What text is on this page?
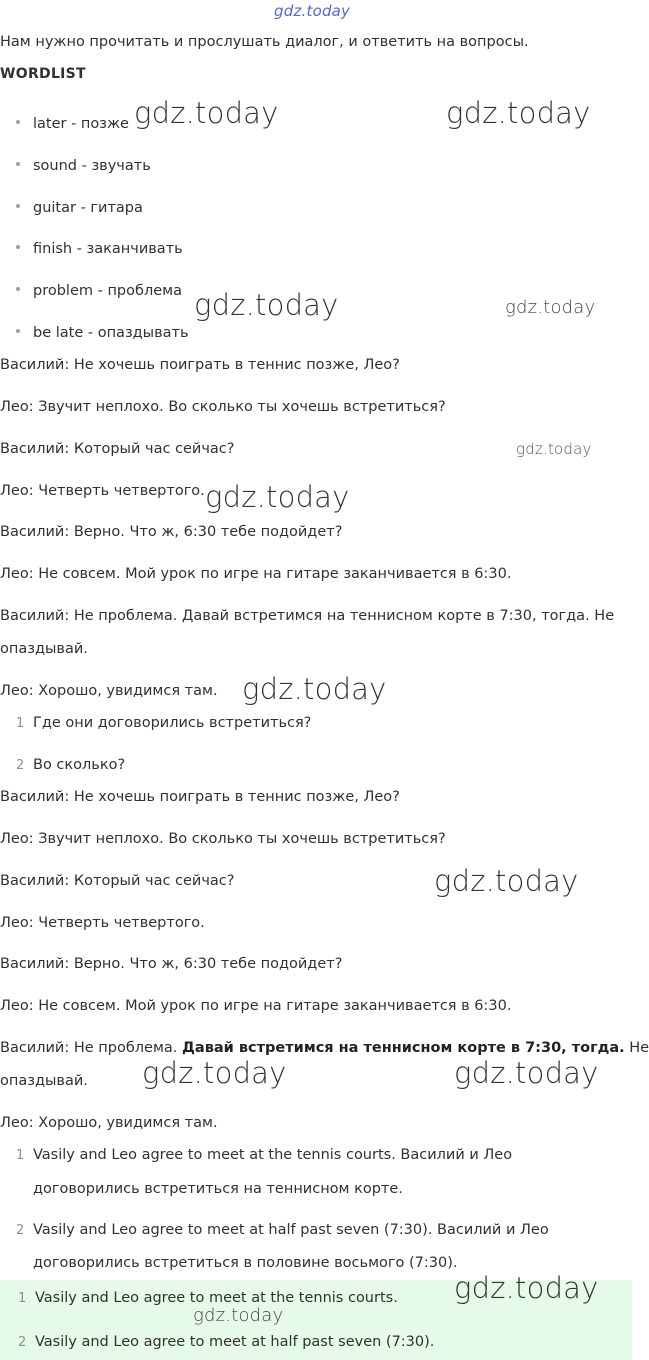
gdz.today
gdz.today	gdz.today
gdz.today	gdz.today
gdz.today
gdz.today
gdz.today
gdz.today
gdz.today	gdz.today
gdz.today
gdz.today
Нам нужно прочитать и прослушать диалог, и ответить на вопросы.
WORDLIST
later - позже
sound - звучать
guitar - гитара
finish - заканчивать
problem - проблема
be late - опаздывать
Василий: Не хочешь поиграть в теннис позже, Лео?
Лео: Звучит неплохо. Во сколько ты хочешь встретиться?
Василий: Который час сейчас?
Лео: Четверть четвертого.
Василий: Верно. Что ж, 6:30 тебе подойдет?
Лео: Не совсем. Мой урок по игре на гитаре заканчивается в 6:30.
Василий: Не проблема. Давай встретимся на теннисном корте в 7:30, тогда. Не
опаздывай.
Лео: Хорошо, увидимся там.
1 Где они договорились встретиться?
2 Во сколько?
Василий: Не хочешь поиграть в теннис позже, Лео?
Лео: Звучит неплохо. Во сколько ты хочешь встретиться?
Василий: Который час сейчас?
Лео: Четверть четвертого.
Василий: Верно. Что ж, 6:30 тебе подойдет?
Лео: Не совсем. Мой урок по игре на гитаре заканчивается в 6:30.
Василий: Не проблема. Давай встретимся на теннисном корте в 7:30, тогда. Не
опаздывай.
Лео: Хорошо, увидимся там.
1 Vasily and Leo agree to meet at the tennis courts. Василий и Лео
договорились встретиться на теннисном корте.
2 Vasily and Leo agree to meet at half past seven (7:30). Василий и Лео
договорились встретиться в половине восьмого (7:30).
1 Vasily and Leo agree to meet at the tennis courts.
2 Vasily and Leo agree to meet at half past seven (7:30).
